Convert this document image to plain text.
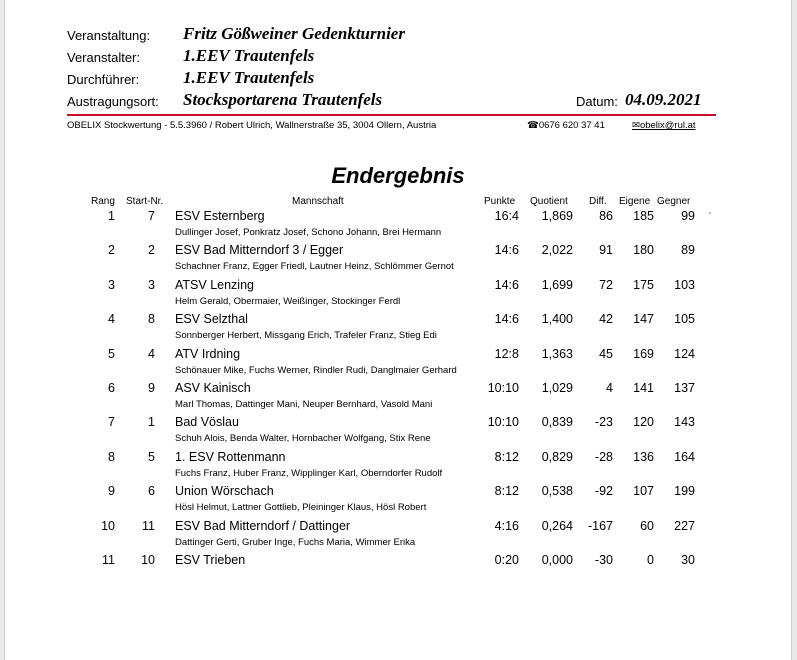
Veranstaltung: Fritz Gößweiner Gedenkturnier
Veranstalter:	1.EEV Trautenfels
Durchführer:	1.EEV Trautenfels
Austragungsort: Stocksportarena Trautenfels	Datum: 04.09.2021
OBELIX Stockwertung - 5.5.3960 / Robert Ulrich, Wallnerstraße 35, 3004 Ollern, Austria	☎0676 620 37 41	✉obelix@rul.at
Endergebnis
Rang Start-Nr.	Mannschaft	Punkte Quotient Diff. Eigene Gegner
'
1	7 ESV Esternberg	16:4 1,869 86 185 99
Dullinger Josef, Ponkratz Josef, Schono Johann, Brei Hermann
2	2 ESV Bad Mitterndorf 3 / Egger	14:6 2,022 91 180 89
Schachner Franz, Egger Friedl, Lautner Heinz, Schlömmer Gernot
3	3 ATSV Lenzing	14:6 1,699 72 175 103
Helm Gerald, Obermaier, Weißinger, Stockinger Ferdl
4	8 ESV Selzthal	14:6 1,400 42 147 105
Sonnberger Herbert, Missgang Erich, Trafeler Franz, Stieg Edi
5	4 ATV Irdning	12:8 1,363 45 169 124
Schönauer Mike, Fuchs Werner, Rindler Rudi, Danglmaier Gerhard
6	9 ASV Kainisch	10:10 1,029	4 141 137
Marl Thomas, Dattinger Mani, Neuper Bernhard, Vasold Mani
7	1 Bad Vöslau	10:10 0,839 -23 120 143
Schuh Alois, Benda Walter, Hornbacher Wolfgang, Stix Rene
8	5 1. ESV Rottenmann	8:12 0,829 -28 136 164
Fuchs Franz, Huber Franz, Wipplinger Karl, Oberndorfer Rudolf
9	6 Union Wörschach	8:12 0,538 -92 107 199
Hösl Helmut, Lattner Gottlieb, Pleininger Klaus, Hösl Robert
10 11 ESV Bad Mitterndorf / Dattinger	4:16 0,264 -167 60 227
Dattinger Gerti, Gruber Inge, Fuchs Maria, Wimmer Erika
11 10 ESV Trieben	0:20 0,000 -30	0 30
